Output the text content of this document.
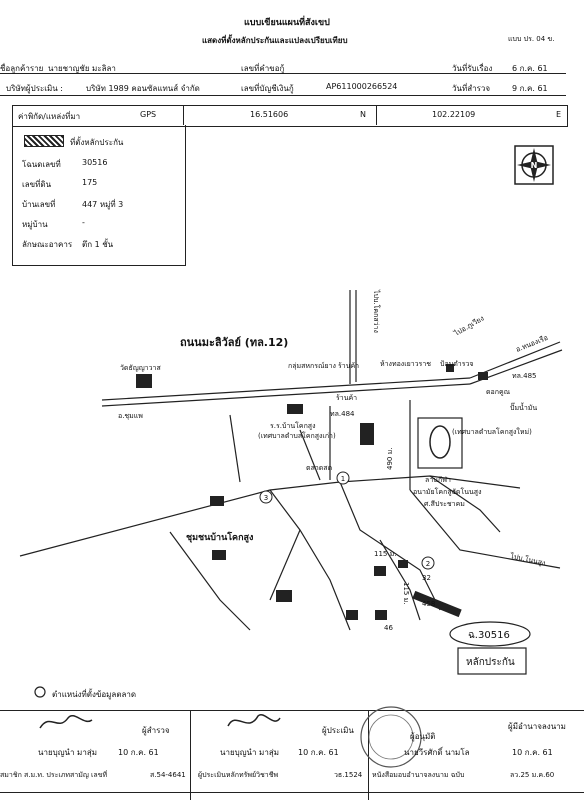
แบบเขียนแผนที่สังเขป
แสดงที่ตั้งหลักประกันและแปลงเปรียบเทียบ	แบบ ปร. 04 ข.
ชื่อลูกค้าราย นายชาญชัย มะลิลา	เลขที่คำขอกู้	วันที่รับเรื่อง 6 ก.ค. 61
บริษัทผู้ประเมิน :	บริษัท 1989 คอนซัลแทนส์ จำกัด	เลขที่บัญชีเงินกู้	AP611000266524	วันที่สำรวจ	9 ก.ค. 61
ค่าพิกัด/แหล่งที่มา	GPS	16.51606	N	102.22109	E
ที่ตั้งหลักประกัน
โฉนดเลขที่	30516
เลขที่ดิน	175
บ้านเลขที่	447 หมู่ที่ 3
หมู่บ้าน	-
ลักษณะอาคาร ตึก 1 ชั้น
N
ถนนมะลิวัลย์ (ทล.12)
วัดธัญญาวาส
อ.ชุมแพ
ไปบ.โคกสว่าง
อ.หนองเรือ
ไปอ.ภูเวียง
ทล.485
กลุ่มสหกรณ์ยาง ร้านค้า
ร้านค้า
ห้างทองเยาวราช ป้อมตำรวจ
ดอกคูณ
ปั๊มน้ำมัน
ทล.484
ร.ร.บ้านโคกสูง
(เทศบาลตำบลโคกสูงเก่า)	(เทศบาลตำบลโคกสูงใหม่)
ตลาดสด
ลานกีฬา
อนามัยโคกสูง
วัดโนนสูง
ชุมชนบ้านโคกสูง
ศ.สีประชาคม
490 ม.
115 ม.
115 ม.
ไปบ.โนนสูง
1
2
3
32
458
46
ฉ.30516
หลักประกัน
ตำแหน่งที่ตั้งข้อมูลตลาด
ผู้สำรวจ
นายบุญนำ มาสุ่ม	10 ก.ค. 61
สมาชิก ส.ม.ท. ประเภทสามัญ เลขที่	ส.54-4641
ผู้ประเมิน
นายบุญนำ มาสุ่ม 10 ก.ค. 61
ผู้ประเมินหลักทรัพย์วิชาชีพ	วธ.1524
ผู้มีอำนาจลงนาม
ผู้อนุมัติ
นายวีรศักดิ์ นามโล	10 ก.ค. 61
หนังสือมอบอำนาจลงนาม ฉบับ	ลว.25 ม.ค.60
